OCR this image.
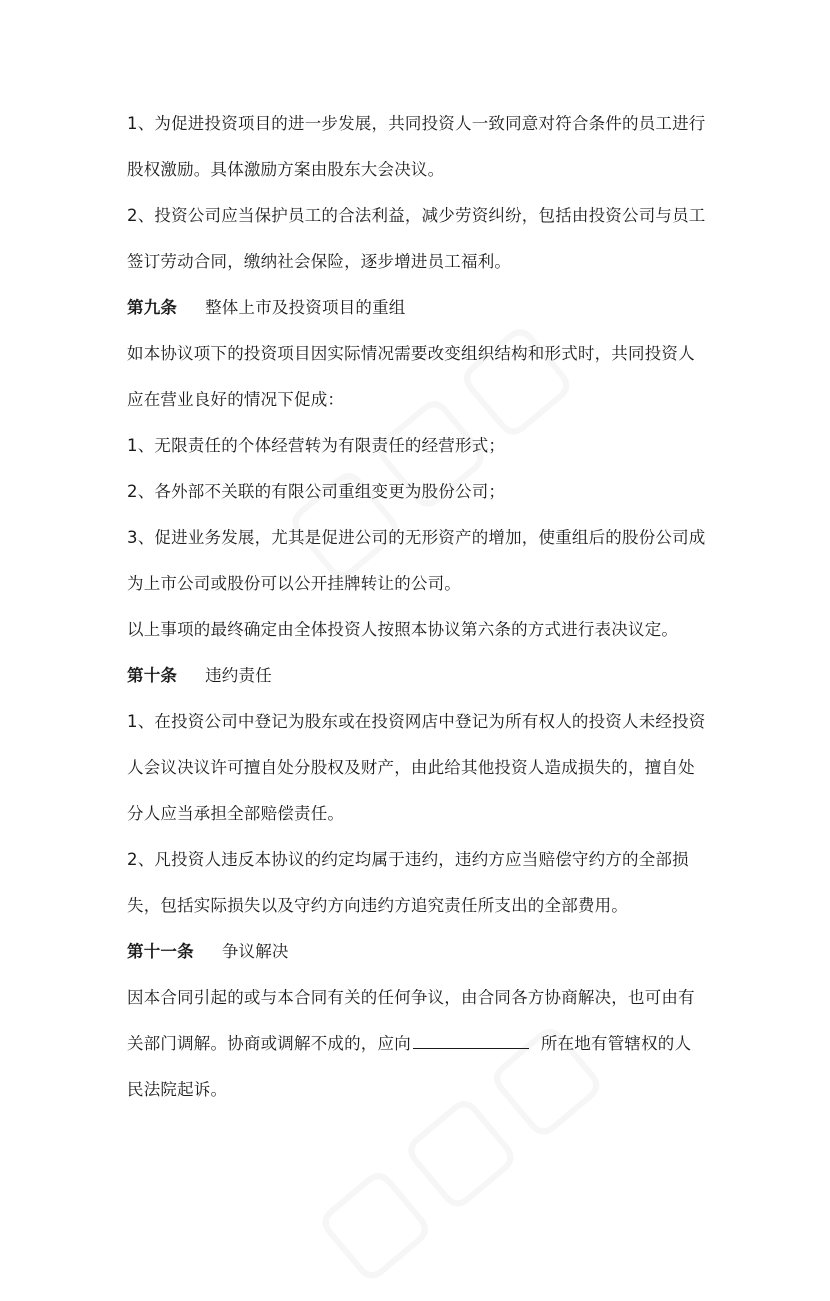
1、为促进投资项目的进一步发展，共同投资人一致同意对符合条件的员工进行
股权激励。具体激励方案由股东大会决议。
2、投资公司应当保护员工的合法利益，减少劳资纠纷，包括由投资公司与员工
签订劳动合同，缴纳社会保险，逐步增进员工福利。
第九条 整体上市及投资项目的重组
如本协议项下的投资项目因实际情况需要改变组织结构和形式时，共同投资人
应在营业良好的情况下促成：
1、无限责任的个体经营转为有限责任的经营形式；
2、各外部不关联的有限公司重组变更为股份公司；
3、促进业务发展，尤其是促进公司的无形资产的增加，使重组后的股份公司成
为上市公司或股份可以公开挂牌转让的公司。
以上事项的最终确定由全体投资人按照本协议第六条的方式进行表决议定。
第十条 违约责任
1、在投资公司中登记为股东或在投资网店中登记为所有权人的投资人未经投资
人会议决议许可擅自处分股权及财产，由此给其他投资人造成损失的，擅自处
分人应当承担全部赔偿责任。
2、凡投资人违反本协议的约定均属于违约，违约方应当赔偿守约方的全部损
失，包括实际损失以及守约方向违约方追究责任所支出的全部费用。
第十一条 争议解决
因本合同引起的或与本合同有关的任何争议，由合同各方协商解决，也可由有
关部门调解。协商或调解不成的，应向	所在地有管辖权的人
民法院起诉。
